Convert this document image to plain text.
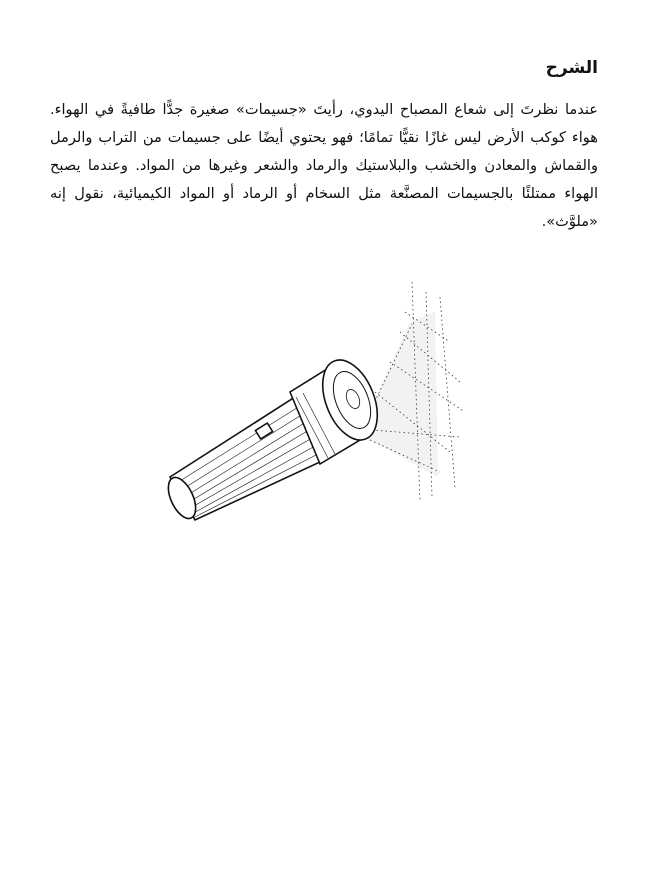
الشرح

عندما نظرتَ إلى شعاع المصباح اليدوي، رأيتَ «جسيمات» صغيرة جدًّا طافيةً في الهواء. هواء كوكب الأرض ليس غازًا نقيًّا تمامًا؛ فهو يحتوي أيضًا على جسيمات من التراب والرمل والقماش والمعادن والخشب والبلاستيك والرماد والشعر وغيرها من المواد. وعندما يصبح الهواء ممتلئًا بالجسيمات المصنَّعة مثل السخام أو الرماد أو المواد الكيميائية، نقول إنه «ملوَّث».
